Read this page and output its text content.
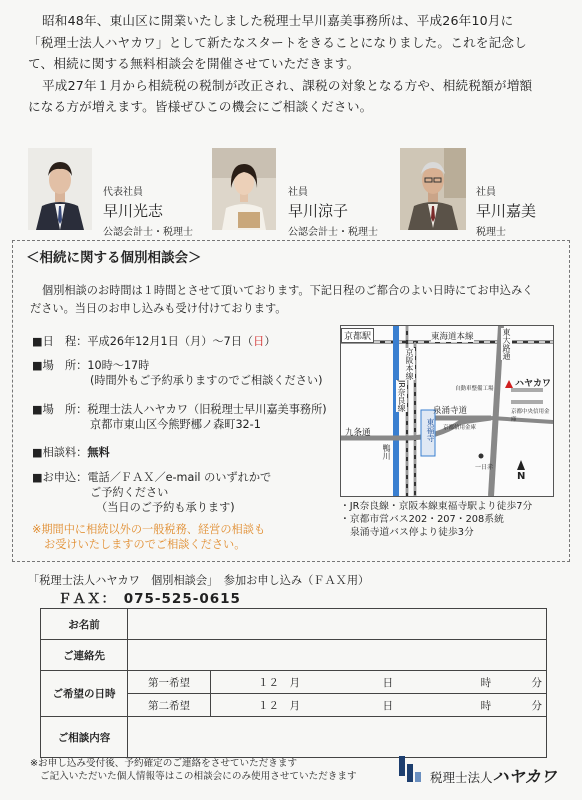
昭和48年、東山区に開業いたしました税理士早川嘉美事務所は、平成26年10月に

「税理士法人ハヤカワ」として新たなスタートをきることになりました。これを記念し

て、相続に関する無料相談会を開催させていただきます。

平成27年１月から相続税の税制が改正され、課税の対象となる方や、相続税額が増額

になる方が増えます。皆様ぜひこの機会にご相談ください。

代表社員
早川光志
公認会計士・税理士
社員
早川涼子
公認会計士・税理士
社員
早川嘉美
税理士
＜相続に関する個別相談会＞

個別相談のお時間は１時間とさせて頂いております。下記日程のご都合のよい日時にてお申込みく

ださい。当日のお申し込みも受け付けております。

■日　程：平成26年12月1日（月）～7日（日）
■場　所：10時～17時
(時間外もご予約承りますのでご相談ください)
■場　所：税理士法人ハヤカワ（旧税理士早川嘉美事務所)
京都市東山区今熊野梛ノ森町32-1
■相談料：無料
■お申込：電話／ＦＡＸ／e-mail のいずれかで
ご予約ください
（当日のご予約も承ります)
※期間中に相続以外の一般税務、経営の相談も
お受けいたしますのでご相談ください。
京都駅	東海道本線
京阪本線
JR奈良線
鴨川
東大路通
泉涌寺道
九条通	東福寺
ハヤカワ
自動車整備工場
京都中央信用金庫
京都信用金庫
一日赤
N
・JR奈良線・京阪本線東福寺駅より徒歩7分
・京都市営バス202・207・208系統
泉涌寺道バス停より徒歩3分
「税理士法人ハヤカワ　個別相談会」　参加お申し込み（ＦＡＸ用）
ＦＡＸ：　075-525-0615
お名前						
ご連絡先						
ご希望の日時	第一希望	１２　月	日		時	分
	第二希望	１２　月	日		時	分
ご相談内容						
※お申し込み受付後、予約確定のご連絡をさせていただきます
ご記入いただいた個人情報等はこの相談会にのみ使用させていただきます	税理士法人ハヤカワ
